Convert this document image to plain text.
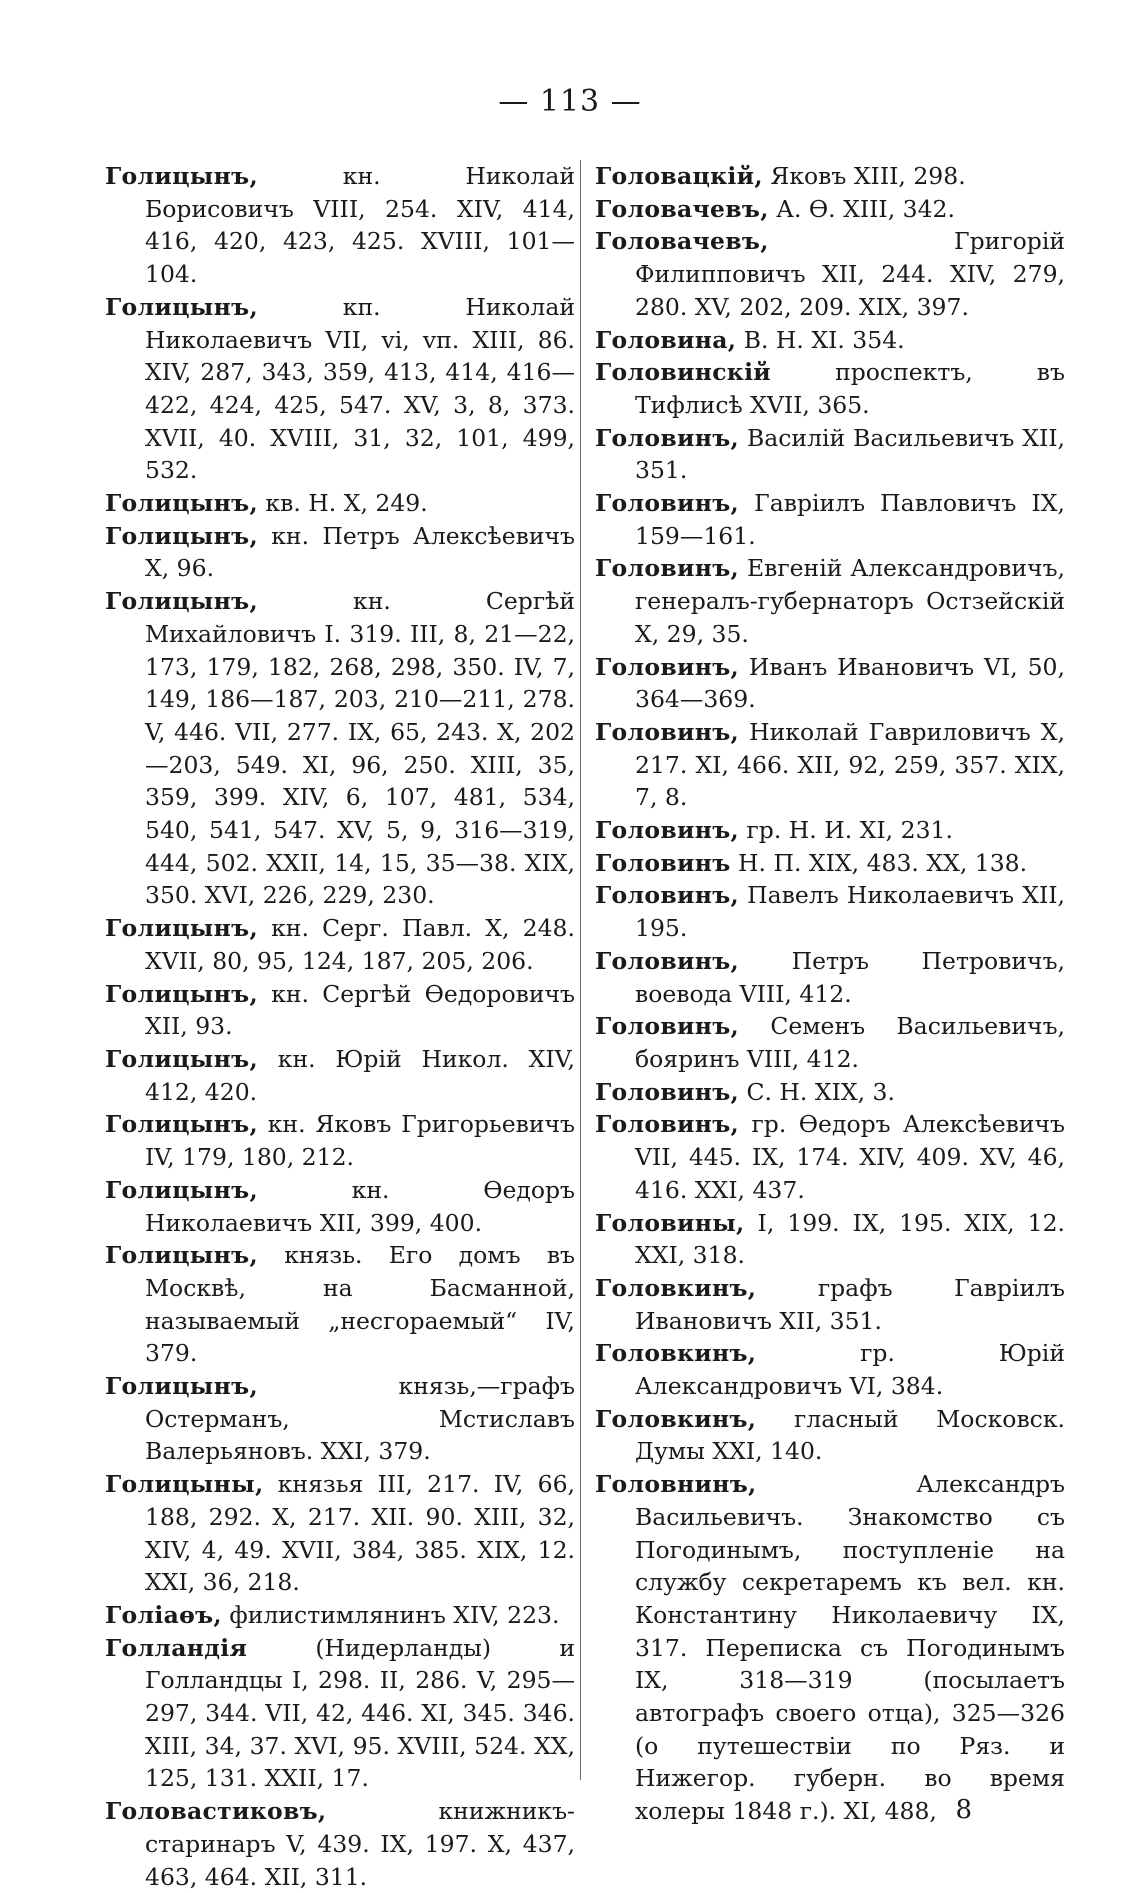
— 113 —

Голицынъ,	кн. Николай Борисовичъ VIII, 254. XIV, 414, 416, 420, 423, 425. XVIII, 101—104.

Голицынъ,	кп. Николай Николаевичъ VII, vi, vп. XIII, 86. XIV, 287, 343, 359, 413, 414, 416—422, 424, 425, 547. XV, 3, 8, 373. XVII, 40. XVIII, 31, 32, 101, 499, 532.

Голицынъ, кв. Н. X, 249.

Голицынъ, кн. Петръ Алексѣевичъ X, 96.

Голицынъ,	кн. Сергѣй Михайловичъ I. 319. III, 8, 21—22, 173, 179, 182, 268, 298, 350. IV, 7, 149, 186—187, 203, 210—211, 278. V, 446. VII, 277. IX, 65, 243. X, 202—203, 549. XI, 96, 250. XIII, 35, 359, 399. XIV, 6, 107, 481, 534, 540, 541, 547. XV, 5, 9, 316—319, 444, 502. XXII, 14, 15, 35—38. XIX, 350. XVI, 226, 229, 230.

Голицынъ, кн. Серг. Павл. X, 248. XVII, 80, 95, 124, 187, 205, 206.

Голицынъ, кн. Сергѣй Өедоровичъ XII, 93.

Голицынъ, кн. Юрій Никол. XIV, 412, 420.

Голицынъ, кн. Яковъ Григорьевичъ IV, 179, 180, 212.

Голицынъ,	кн. Өедоръ Николаевичъ XII, 399, 400.

Голицынъ, князь. Его домъ въ Москвѣ, на Басманной, называемый „несгораемый“ IV, 379.

Голицынъ,	князь,—графъ Остерманъ, Мстиславъ Валерьяновъ. XXI, 379.

Голицыны, князья III, 217. IV, 66, 188, 292. X, 217. XII. 90. XIII, 32, XIV, 4, 49. XVII, 384, 385. XIX, 12. XXI, 36, 218.

Голіаөъ, филистимлянинъ XIV, 223.

Голландія	(Нидерланды) и Голландцы I, 298. II, 286. V, 295—297, 344. VII, 42, 446. XI, 345. 346. XIII, 34, 37. XVI, 95. XVIII, 524. XX, 125, 131. XXII, 17.

Головастиковъ,	книжникъ-старинаръ V, 439. IX, 197. X, 437, 463, 464. XII, 311.

Головацкій, Яковъ XIII, 298.

Головачевъ, А. Ө. XIII, 342.

Головачевъ,	Григорій Филипповичъ XII, 244. XIV, 279, 280. XV, 202, 209. XIX, 397.

Головина, В. Н. XI. 354.

Головинскій	проспектъ, въ Тифлисѣ XVII, 365.

Головинъ, Василій Васильевичъ XII, 351.

Головинъ, Гавріилъ Павловичъ IX, 159—161.

Головинъ, Евгеній Александровичъ, генералъ-губернаторъ Остзейскій X, 29, 35.

Головинъ, Иванъ Ивановичъ VI, 50, 364—369.

Головинъ, Николай Гавриловичъ X, 217. XI, 466. XII, 92, 259, 357. XIX, 7, 8.

Головинъ, гр. Н. И. XI, 231.

Головинъ Н. П. XIX, 483. XX, 138.

Головинъ, Павелъ Николаевичъ XII, 195.

Головинъ, Петръ Петровичъ, воевода VIII, 412.

Головинъ, Семенъ Васильевичъ, бояринъ VIII, 412.

Головинъ, С. Н. XIX, 3.

Головинъ, гр. Өедоръ Алексѣевичъ VII, 445. IX, 174. XIV, 409. XV, 46, 416. XXI, 437.

Головины, I, 199. IX, 195. XIX, 12. XXI, 318.

Головкинъ,	графъ Гавріилъ Ивановичъ XII, 351.

Головкинъ,	гр. Юрій Александровичъ VI, 384.

Головкинъ, гласный Московск. Думы XXI, 140.

Головнинъ,	Александръ Васильевичъ. Знакомство съ Погодинымъ, поступленіе на службу секретаремъ къ вел. кн. Константину Николаевичу IX, 317. Переписка съ Погодинымъ IX, 318—319 (посылаетъ автографъ своего отца), 325—326 (о путешествіи по Ряз. и Нижегор. губерн. во время холеры 1848 г.). XI, 488, 8
